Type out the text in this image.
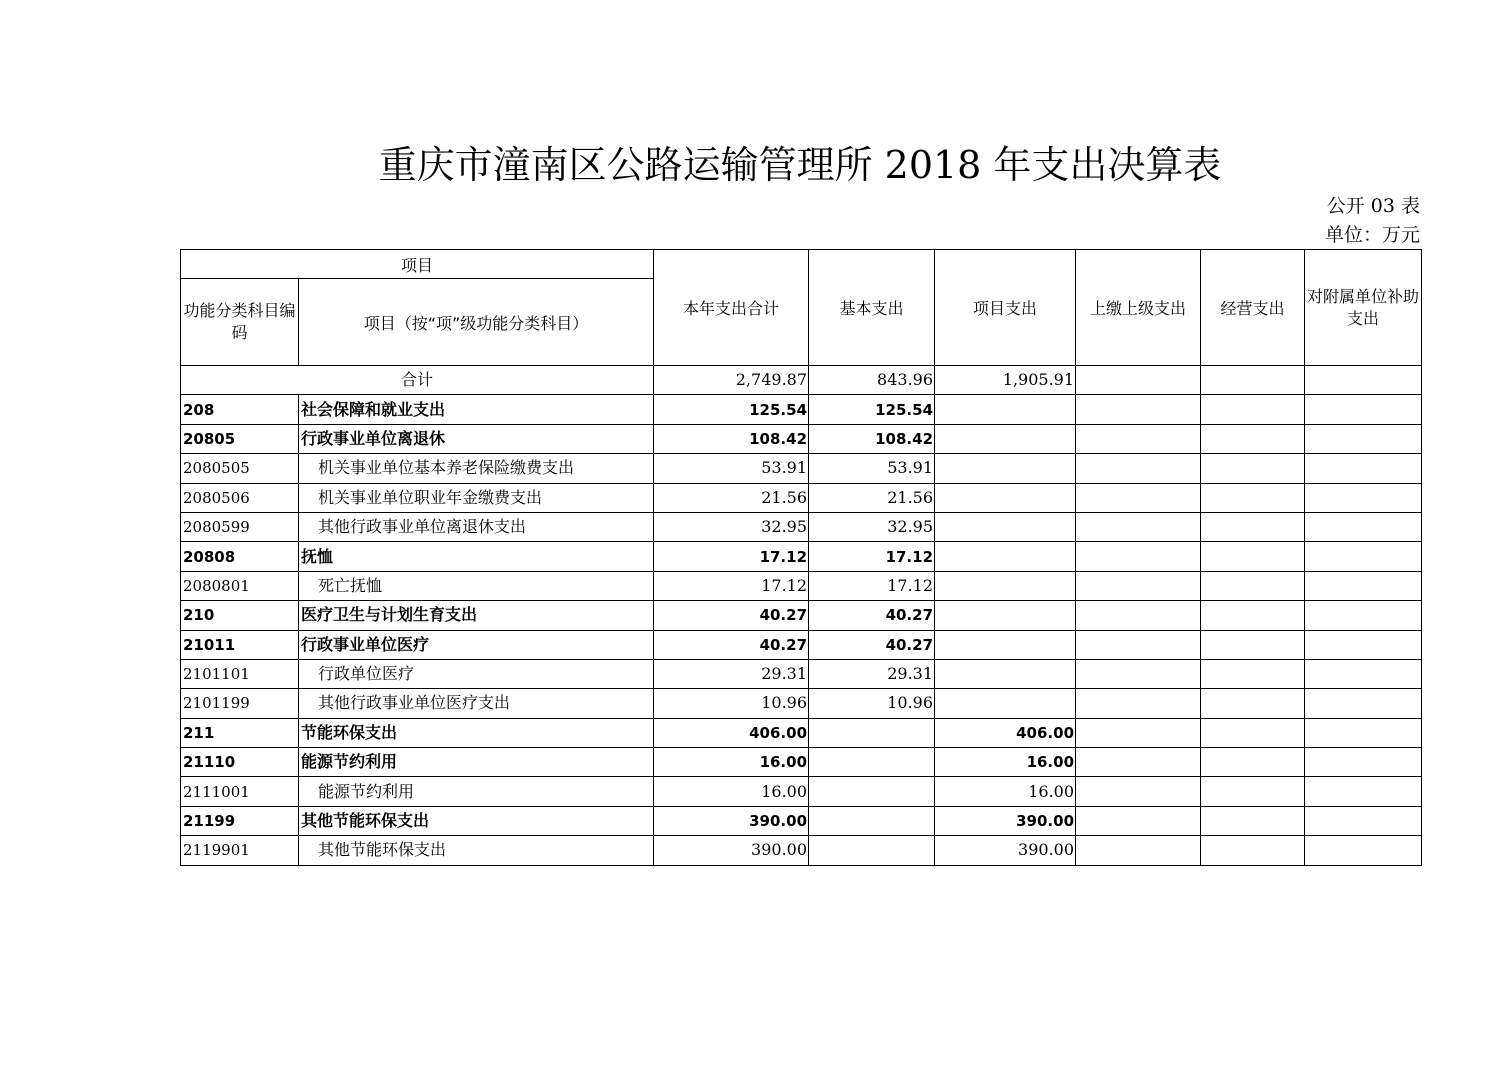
重庆市潼南区公路运输管理所 2018 年支出决算表
公开 03 表
单位：万元
项目		本年支出合计	基本支出	项目支出	上缴上级支出	经营支出	对附属单位补助支出
功能分类科目编码	项目（按“项”级功能分类科目）						
合计		2,749.87	843.96	1,905.91			
208	社会保障和就业支出	125.54	125.54				
20805	行政事业单位离退休	108.42	108.42				
2080505	机关事业单位基本养老保险缴费支出	53.91	53.91				
2080506	机关事业单位职业年金缴费支出	21.56	21.56				
2080599	其他行政事业单位离退休支出	32.95	32.95				
20808	抚恤	17.12	17.12				
2080801	死亡抚恤	17.12	17.12				
210	医疗卫生与计划生育支出	40.27	40.27				
21011	行政事业单位医疗	40.27	40.27				
2101101	行政单位医疗	29.31	29.31				
2101199	其他行政事业单位医疗支出	10.96	10.96				
211	节能环保支出	406.00		406.00			
21110	能源节约利用	16.00		16.00			
2111001	能源节约利用	16.00		16.00			
21199	其他节能环保支出	390.00		390.00			
2119901	其他节能环保支出	390.00		390.00			
